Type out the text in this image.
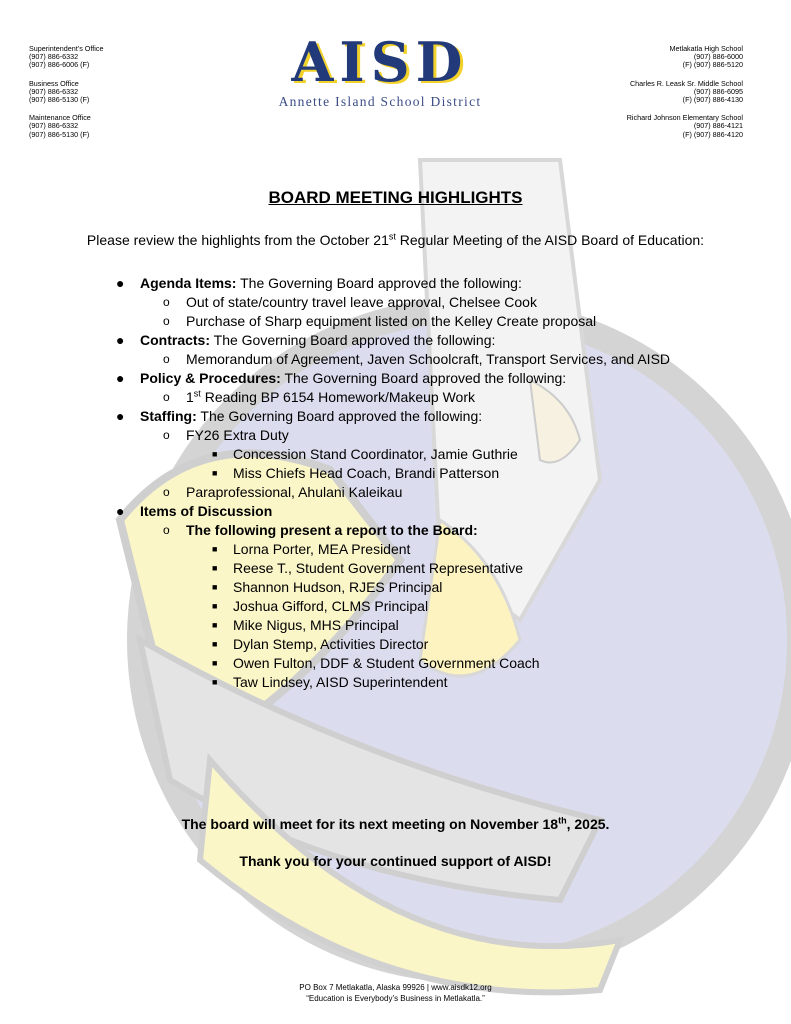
Superintendent’s Office
(907) 886-6332
(907) 886-6006 (F)
Business Office
(907) 886-6332
(907) 886-5130 (F)
Maintenance Office
(907) 886-6332
(907) 886-5130 (F)
AISD
Annette Island School District
Metlakatla High School
(907) 886-6000
(F) (907) 886-5120
Charles R. Leask Sr. Middle School
(907) 886-6095
(F) (907) 886-4130
Richard Johnson Elementary School
(907) 886-4121
(F) (907) 886-4120
BOARD MEETING HIGHLIGHTS
Please review the highlights from the October 21st Regular Meeting of the AISD Board of Education:
● Agenda Items: The Governing Board approved the following:
o Out of state/country travel leave approval, Chelsee Cook
o Purchase of Sharp equipment listed on the Kelley Create proposal
● Contracts: The Governing Board approved the following:
o Memorandum of Agreement, Javen Schoolcraft, Transport Services, and AISD
● Policy & Procedures: The Governing Board approved the following:
o 1st Reading BP 6154 Homework/Makeup Work
● Staffing: The Governing Board approved the following:
o FY26 Extra Duty
■ Concession Stand Coordinator, Jamie Guthrie
■ Miss Chiefs Head Coach, Brandi Patterson
o Paraprofessional, Ahulani Kaleikau
● Items of Discussion
o The following present a report to the Board:
■ Lorna Porter, MEA President
■ Reese T., Student Government Representative
■ Shannon Hudson, RJES Principal
■ Joshua Gifford, CLMS Principal
■ Mike Nigus, MHS Principal
■ Dylan Stemp, Activities Director
■ Owen Fulton, DDF & Student Government Coach
■ Taw Lindsey, AISD Superintendent
The board will meet for its next meeting on November 18th, 2025.
Thank you for your continued support of AISD!
PO Box 7 Metlakatla, Alaska 99926 | www.aisdk12.org
“Education is Everybody’s Business in Metlakatla.”
